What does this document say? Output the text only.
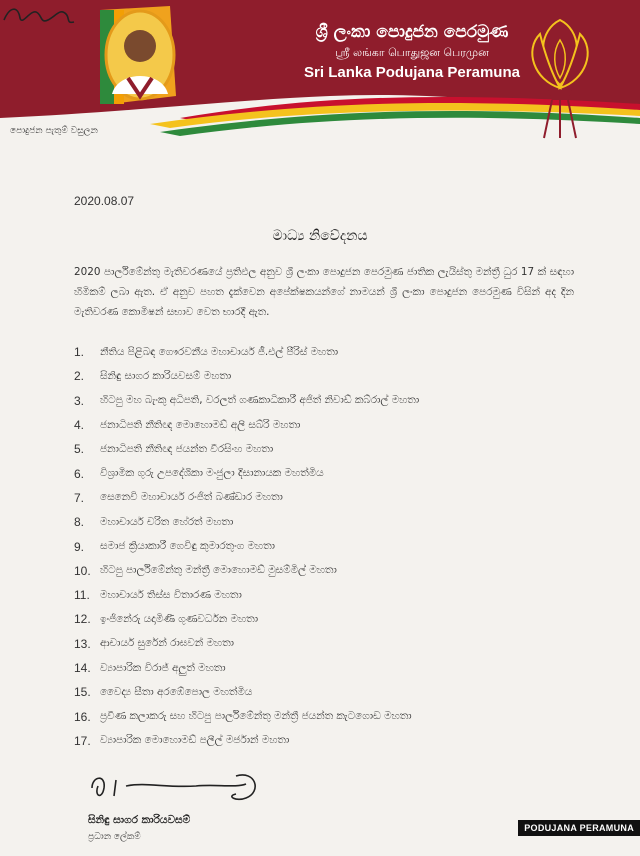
ශ්‍රී ලංකා පොදුජන පෙරමුණ
ஸ்ரீ லங்கா பொதுஜன பெரமுன
Sri Lanka Podujana Peramuna
පොදුජන පැතුම් වසුලන
2020.08.07
මාධ්‍ය නිවේදනය
2020 පාර්ලිමේන්තු මැතිවරණයේ ප්‍රතිඵල අනුව ශ්‍රී ලංකා පොදුජන පෙරමුණ ජාතික ලැයිස්තු මන්ත්‍රී ධුර 17 ක් සඳහා හිමිකම් ලබා ඇත. ඒ අනුව පහත දැක්වෙන අපේක්ෂකයන්ගේ නාමයන් ශ්‍රී ලංකා පොදුජන පෙරමුණ විසින් අද දින මැතිවරණ කොමිෂන් සභාව වෙත භාරදී ඇත.
1.	නීතිය පිළිබඳ ගෞරවනීය මහාචාර්ය ජී.එල් පීරිස් මහතා
2.	සිනිඳු සාගර කාරියවසම් මහතා
3.	හිටපු මහ බැංකු අධිපති, වරලත් ගණකාධිකාරී අජිත් නිවාඩ් කබ්රාල් මහතා
4.	ජනාධිපති නීතිඥ මොහොමඩ් අලි සබ්රි මහතා
5.	ජනාධිපති නීතිඥ ජයන්ත වීරසිංහ මහතා
6.	විශ්‍රාමික ගුරු උපදේශිකා මංජුලා දිසානායක මහත්මිය
7.	සෙනෙවි මහාචාර්ය රංජිත් බණ්ඩාර මහතා
8.	මහාචාර්ය චරිත හේරත් මහතා
9.	සමාජ ක්‍රියාකාරී ගෙවිඳු කුමාරතුංග මහතා
10. හිටපු පාර්ලිමේන්තු මන්ත්‍රී මොහොමඩ් මුසම්මිල් මහතා
11. මහාචාර්ය තිස්ස විතාරණ මහතා
12. ඉංජිනේරු යදාමිණී ගුණවර්ධන මහතා
13. ආචාර්ය සුරේන් රාඝවන් මහතා
14. ව්‍යාපාරික විරාජ් අලුත් මහතා
15. වෛද්‍ය සීතා අරඹේපොල මහත්මිය
16. ප්‍රවීණ කලාකරු සහ හිටපු පාර්ලිමේන්තු මන්ත්‍රී ජයන්ත කැටගොඩ මහතා
17. ව්‍යාපාරික මොහොමඩ් පලීල් මර්ජාන් මහතා
සිනිඳු සාගර කාරියවසම්
ප්‍රධාන ලේකම්
PODUJANA PERAMUNA
